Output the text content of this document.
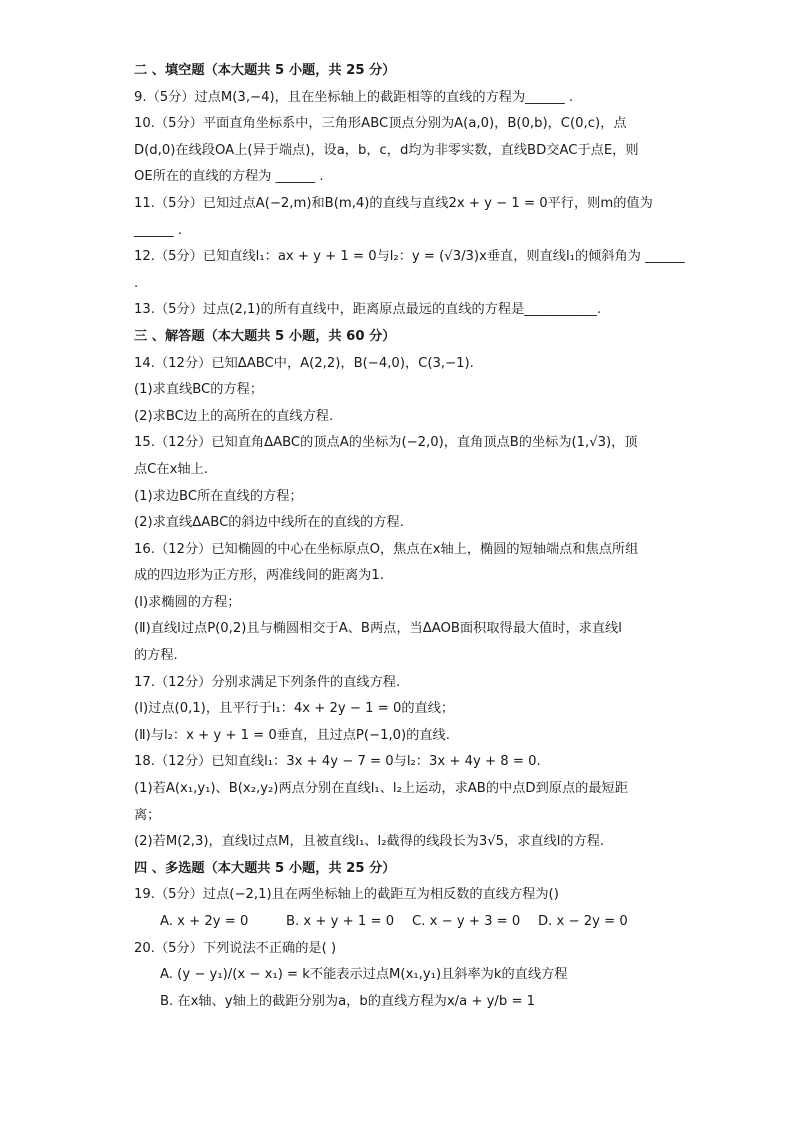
二 、填空题（本大题共 5 小题，共 25 分）
9.（5分）过点M(3,−4)，且在坐标轴上的截距相等的直线的方程为______ .
10.（5分）平面直角坐标系中，三角形ABC顶点分别为A(a,0)，B(0,b)，C(0,c)，点
D(d,0)在线段OA上(异于端点)，设a，b，c，d均为非零实数，直线BD交AC于点E，则
OE所在的直线的方程为 ______ .
11.（5分）已知过点A(−2,m)和B(m,4)的直线与直线2x + y − 1 = 0平行，则m的值为
______ .
12.（5分）已知直线l₁：ax + y + 1 = 0与l₂：y = (√3/3)x垂直，则直线l₁的倾斜角为 ______
.
13.（5分）过点(2,1)的所有直线中，距离原点最远的直线的方程是___________.
三 、解答题（本大题共 5 小题，共 60 分）
14.（12分）已知ΔABC中，A(2,2)，B(−4,0)，C(3,−1).
(1)求直线BC的方程；
(2)求BC边上的高所在的直线方程.
15.（12分）已知直角ΔABC的顶点A的坐标为(−2,0)，直角顶点B的坐标为(1,√3)，顶
点C在x轴上.
(1)求边BC所在直线的方程；
(2)求直线ΔABC的斜边中线所在的直线的方程.
16.（12分）已知椭圆的中心在坐标原点O，焦点在x轴上，椭圆的短轴端点和焦点所组
成的四边形为正方形，两准线间的距离为1.
(Ⅰ)求椭圆的方程；
(Ⅱ)直线l过点P(0,2)且与椭圆相交于A、B两点，当ΔAOB面积取得最大值时，求直线l
的方程.
17.（12分）分别求满足下列条件的直线方程.
(Ⅰ)过点(0,1)，且平行于l₁：4x + 2y − 1 = 0的直线；
(Ⅱ)与l₂：x + y + 1 = 0垂直，且过点P(−1,0)的直线.
18.（12分）已知直线l₁：3x + 4y − 7 = 0与l₂：3x + 4y + 8 = 0.
(1)若A(x₁,y₁)、B(x₂,y₂)两点分别在直线l₁、l₂上运动，求AB的中点D到原点的最短距
离；
(2)若M(2,3)，直线l过点M，且被直线l₁、l₂截得的线段长为3√5，求直线l的方程.
四 、多选题（本大题共 5 小题，共 25 分）
19.（5分）过点(−2,1)且在两坐标轴上的截距互为相反数的直线方程为()
A. x + 2y = 0	B. x + y + 1 = 0	C. x − y + 3 = 0	D. x − 2y = 0
20.（5分）下列说法不正确的是( )
A. (y − y₁)/(x − x₁) = k不能表示过点M(x₁,y₁)且斜率为k的直线方程
B. 在x轴、y轴上的截距分别为a，b的直线方程为x/a + y/b = 1
